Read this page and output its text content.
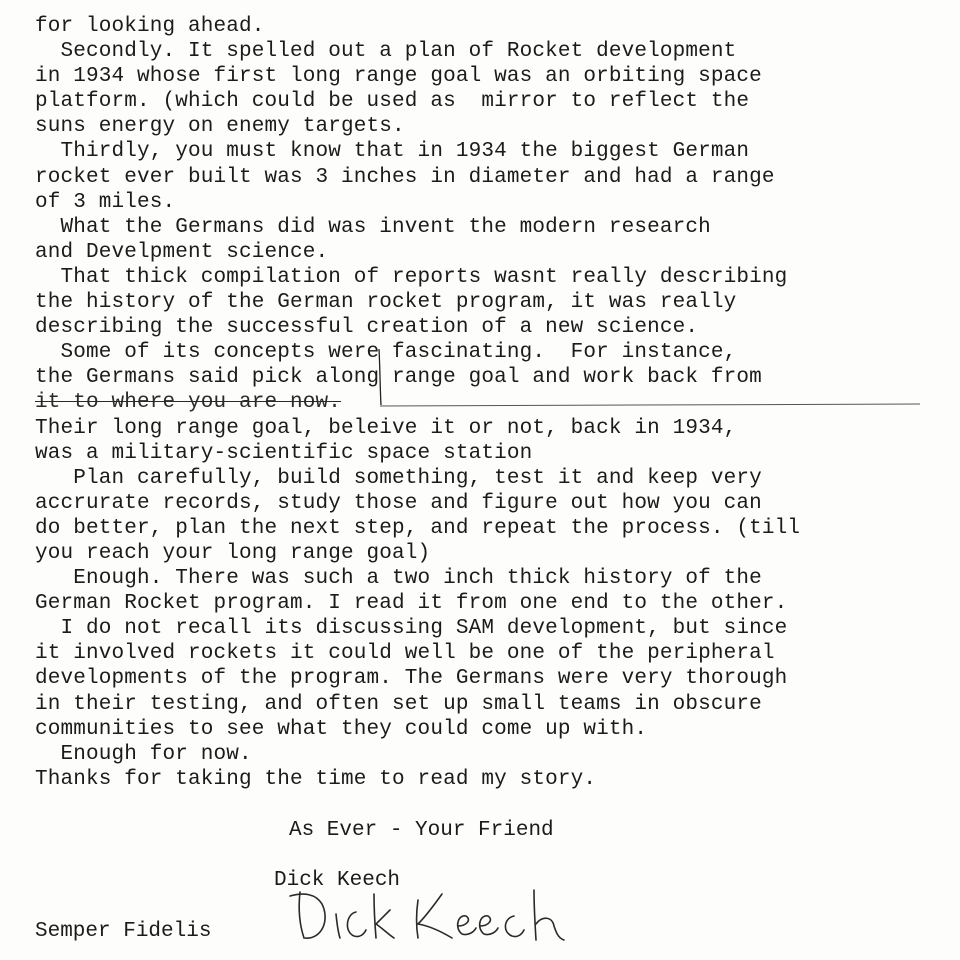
for looking ahead.
Secondly. It spelled out a plan of Rocket development
in 1934 whose first long range goal was an orbiting space
platform. (which could be used as  mirror to reflect the
suns energy on enemy targets.
Thirdly, you must know that in 1934 the biggest German
rocket ever built was 3 inches in diameter and had a range
of 3 miles.
What the Germans did was invent the modern research
and Develpment science.
That thick compilation of reports wasnt really describing
the history of the German rocket program, it was really
describing the successful creation of a new science.
Some of its concepts were fascinating.  For instance,
the Germans said pick along range goal and work back from
it to where you are now.
Their long range goal, beleive it or not, back in 1934,
was a military-scientific space station
Plan carefully, build something, test it and keep very
accrurate records, study those and figure out how you can
do better, plan the next step, and repeat the process. (till
you reach your long range goal)
Enough. There was such a two inch thick history of the
German Rocket program. I read it from one end to the other.
I do not recall its discussing SAM development, but since
it involved rockets it could well be one of the peripheral
developments of the program. The Germans were very thorough
in their testing, and often set up small teams in obscure
communities to see what they could come up with.
Enough for now.
Thanks for taking the time to read my story.
As Ever - Your Friend
Dick Keech
Semper Fidelis
